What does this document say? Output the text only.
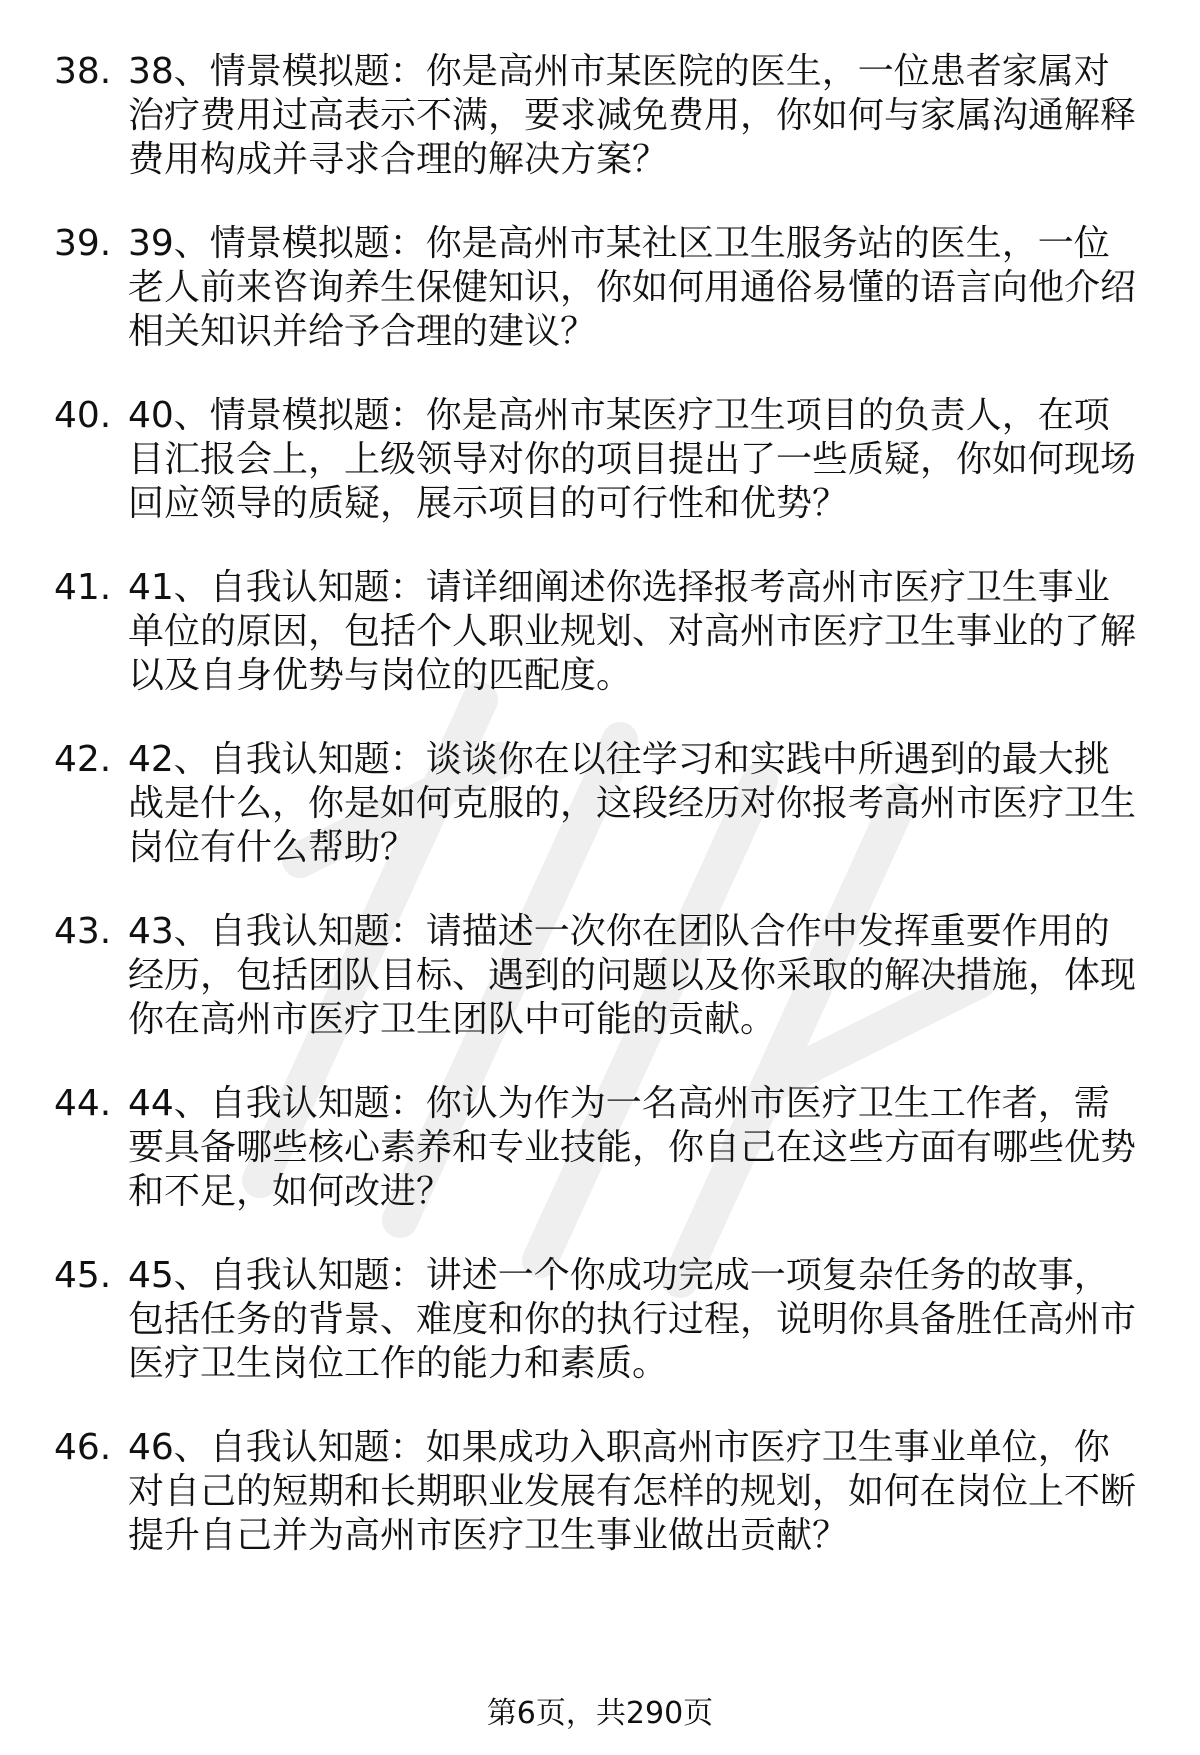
38. 38、情景模拟题：你是高州市某医院的医生，一位患者家属对治疗费用过高表示不满，要求减免费用，你如何与家属沟通解释费用构成并寻求合理的解决方案？
39. 39、情景模拟题：你是高州市某社区卫生服务站的医生，一位老人前来咨询养生保健知识，你如何用通俗易懂的语言向他介绍相关知识并给予合理的建议？
40. 40、情景模拟题：你是高州市某医疗卫生项目的负责人，在项目汇报会上，上级领导对你的项目提出了一些质疑，你如何现场回应领导的质疑，展示项目的可行性和优势？
41. 41、自我认知题：请详细阐述你选择报考高州市医疗卫生事业单位的原因，包括个人职业规划、对高州市医疗卫生事业的了解以及自身优势与岗位的匹配度。
42. 42、自我认知题：谈谈你在以往学习和实践中所遇到的最大挑战是什么，你是如何克服的，这段经历对你报考高州市医疗卫生岗位有什么帮助？
43. 43、自我认知题：请描述一次你在团队合作中发挥重要作用的经历，包括团队目标、遇到的问题以及你采取的解决措施，体现你在高州市医疗卫生团队中可能的贡献。
44. 44、自我认知题：你认为作为一名高州市医疗卫生工作者，需要具备哪些核心素养和专业技能，你自己在这些方面有哪些优势和不足，如何改进？
45. 45、自我认知题：讲述一个你成功完成一项复杂任务的故事，包括任务的背景、难度和你的执行过程，说明你具备胜任高州市医疗卫生岗位工作的能力和素质。
46. 46、自我认知题：如果成功入职高州市医疗卫生事业单位，你对自己的短期和长期职业发展有怎样的规划，如何在岗位上不断提升自己并为高州市医疗卫生事业做出贡献？
第6页，共290页
